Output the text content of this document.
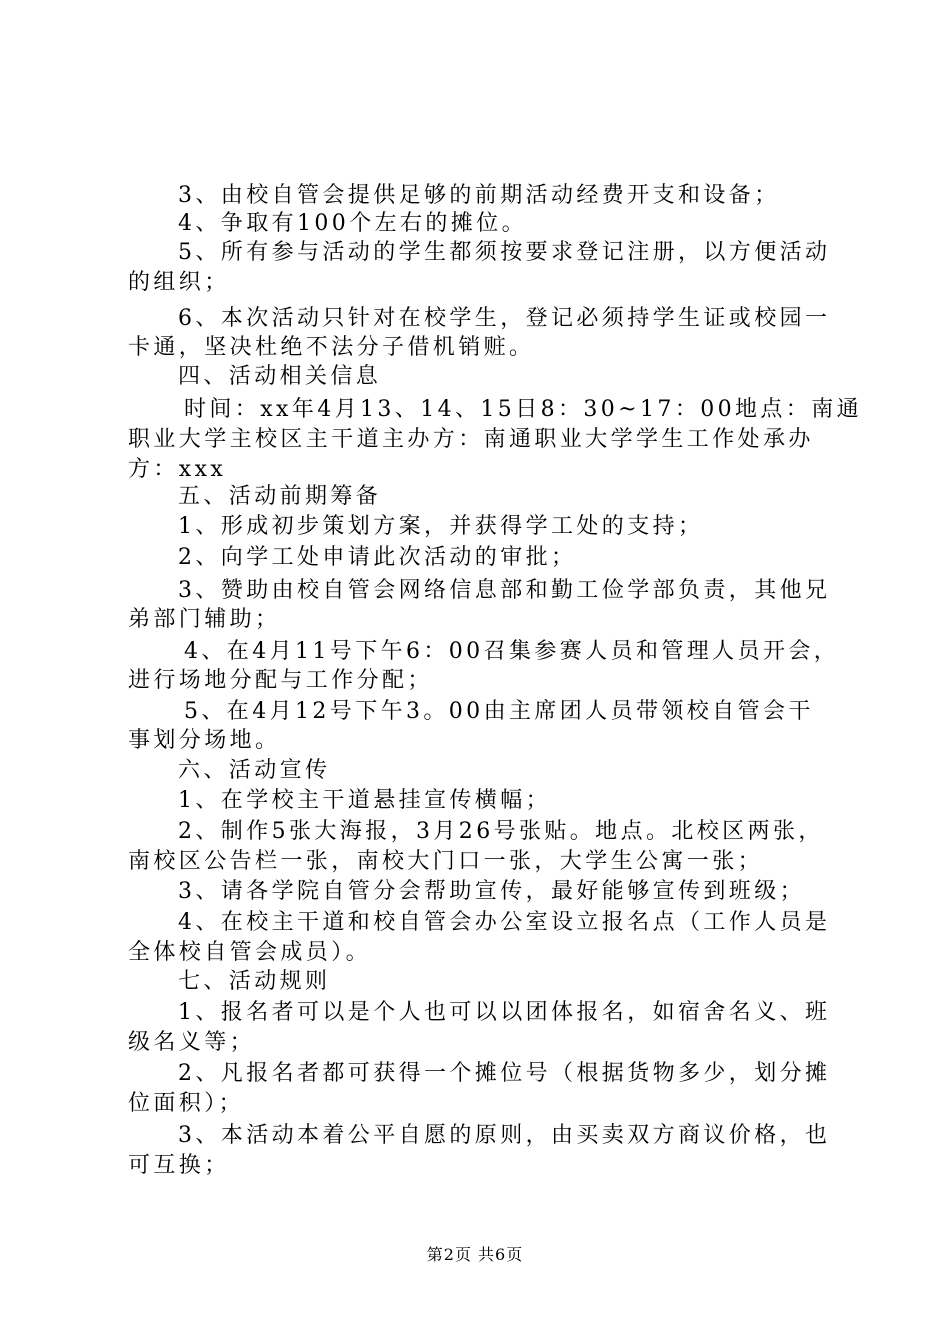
3、由校自管会提供足够的前期活动经费开支和设备；
4、争取有100个左右的摊位。
5、所有参与活动的学生都须按要求登记注册，以方便活动
的组织；
6、本次活动只针对在校学生，登记必须持学生证或校园一
卡通，坚决杜绝不法分子借机销赃。
四、活动相关信息
时间：xx年4月13、14、15日8：30~17：00地点：南通
职业大学主校区主干道主办方：南通职业大学学生工作处承办
方：xxx
五、活动前期筹备
1、形成初步策划方案，并获得学工处的支持；
2、向学工处申请此次活动的审批；
3、赞助由校自管会网络信息部和勤工俭学部负责，其他兄
弟部门辅助；
4、在4月11号下午6：00召集参赛人员和管理人员开会，
进行场地分配与工作分配；
5、在4月12号下午3。00由主席团人员带领校自管会干
事划分场地。
六、活动宣传
1、在学校主干道悬挂宣传横幅；
2、制作5张大海报，3月26号张贴。地点。北校区两张，
南校区公告栏一张，南校大门口一张，大学生公寓一张；
3、请各学院自管分会帮助宣传，最好能够宣传到班级；
4、在校主干道和校自管会办公室设立报名点（工作人员是
全体校自管会成员）。
七、活动规则
1、报名者可以是个人也可以以团体报名，如宿舍名义、班
级名义等；
2、凡报名者都可获得一个摊位号（根据货物多少，划分摊
位面积）；
3、本活动本着公平自愿的原则，由买卖双方商议价格，也
可互换；
第2页 共6页
